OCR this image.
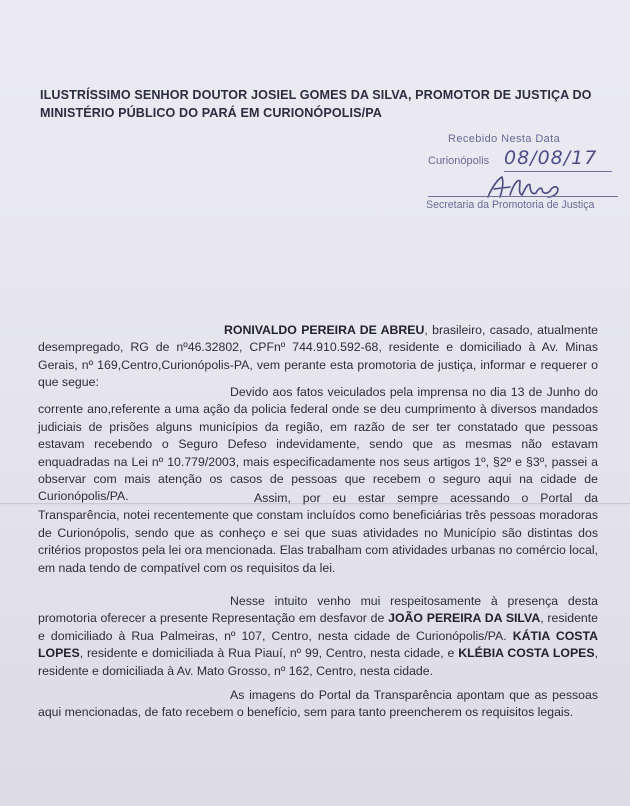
ILUSTRÍSSIMO SENHOR DOUTOR JOSIEL GOMES DA SILVA, PROMOTOR DE JUSTIÇA DO MINISTÉRIO PÚBLICO DO PARÁ EM CURIONÓPOLIS/PA
Recebido Nesta Data
Curionópolis 08/08/17
Secretaria da Promotoria de Justiça

RONIVALDO PEREIRA DE ABREU, brasileiro, casado, atualmente desempregado, RG de nº46.32802, CPFnº 744.910.592-68, residente e domiciliado à Av. Minas Gerais, nº 169,Centro,Curionópolis-PA, vem perante esta promotoria de justiça, informar e requerer o que segue:

Devido aos fatos veiculados pela imprensa no dia 13 de Junho do corrente ano,referente a uma ação da policia federal onde se deu cumprimento à diversos mandados judiciais de prisões alguns municípios da região, em razão de ser ter constatado que pessoas estavam recebendo o Seguro Defeso indevidamente, sendo que as mesmas não estavam enquadradas na Lei nº 10.779/2003, mais especificadamente nos seus artigos 1º, §2º e §3º, passei a observar com mais atenção os casos de pessoas que recebem o seguro aqui na cidade de Curionópolis/PA.	Assim, por eu estar sempre acessando o Portal da Transparência, notei recentemente que constam incluídos como beneficiárias três pessoas moradoras de Curionópolis, sendo que as conheço e sei que suas atividades no Município são distintas dos critérios propostos pela lei ora mencionada. Elas trabalham com atividades urbanas no comércio local, em nada tendo de compatível com os requisitos da lei.

Nesse intuito venho mui respeitosamente à presença desta promotoria oferecer a presente Representação em desfavor de JOÃO PEREIRA DA SILVA, residente e domiciliado à Rua Palmeiras, nº 107, Centro, nesta cidade de Curionópolis/PA. KÁTIA COSTA LOPES, residente e domiciliada à Rua Piauí, nº 99, Centro, nesta cidade, e KLÉBIA COSTA LOPES, residente e domiciliada à Av. Mato Grosso, nº 162, Centro, nesta cidade.

As imagens do Portal da Transparência apontam que as pessoas aqui mencionadas, de fato recebem o benefício, sem para tanto preencherem os requisitos legais.
